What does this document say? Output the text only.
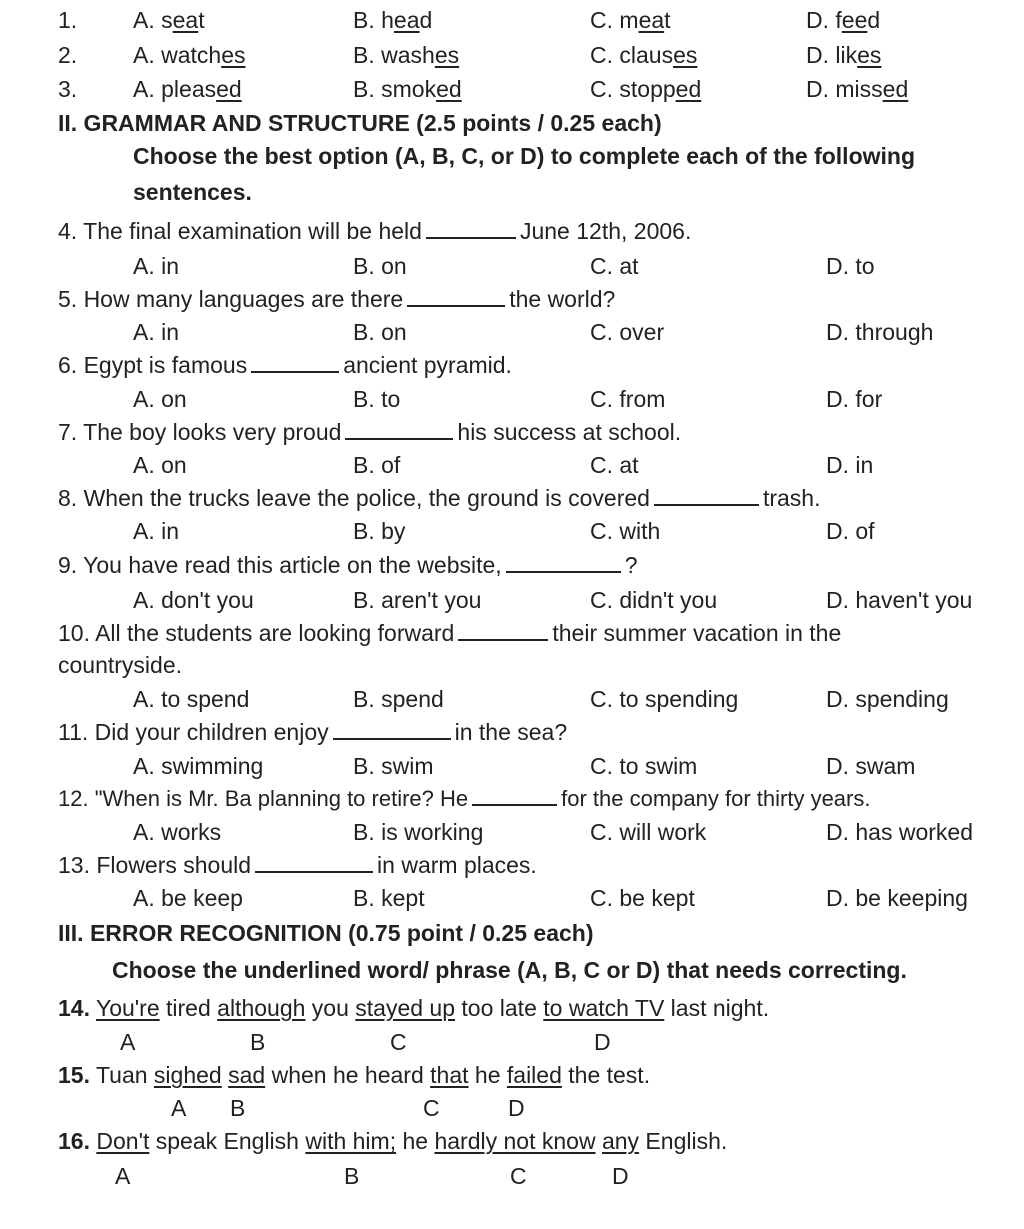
1. A. seat	B. head	C. meat	D. feed
2. A. watches	B. washes	C. clauses	D. likes
3. A. pleased	B. smoked	C. stopped	D. missed
II. GRAMMAR AND STRUCTURE (2.5 points / 0.25 each)
Choose the best option (A, B, C, or D) to complete each of the following
sentences.
4. The final examination will be held	June 12th, 2006.
A. in	B. on	C. at	D. to
5. How many languages are there	the world?
A. in	B. on	C. over	D. through
6. Egypt is famous	ancient pyramid.
A. on	B. to	C. from	D. for
7. The boy looks very proud	his success at school.
A. on	B. of	C. at	D. in
8. When the trucks leave the police, the ground is covered	trash.
A. in	B. by	C. with	D. of
9. You have read this article on the website,	?
A. don't you	B. aren't you	C. didn't you	D. haven't you
10. All the students are looking forward	their summer vacation in the
countryside.
A. to spend	B. spend	C. to spending	D. spending
11. Did your children enjoy	in the sea?
A. swimming	B. swim	C. to swim	D. swam
12. "When is Mr. Ba planning to retire? He	for the company for thirty years.
A. works	B. is working	C. will work	D. has worked
13. Flowers should	in warm places.
A. be keep	B. kept	C. be kept	D. be keeping
III. ERROR RECOGNITION (0.75 point / 0.25 each)
Choose the underlined word/ phrase (A, B, C or D) that needs correcting.
14. You're tired although you stayed up too late to watch TV last night.
A	B	C	D
15. Tuan sighed sad when he heard that he failed the test.
A B	C	D
16. Don't speak English with him; he hardly not know any English.
A	B	C	D
